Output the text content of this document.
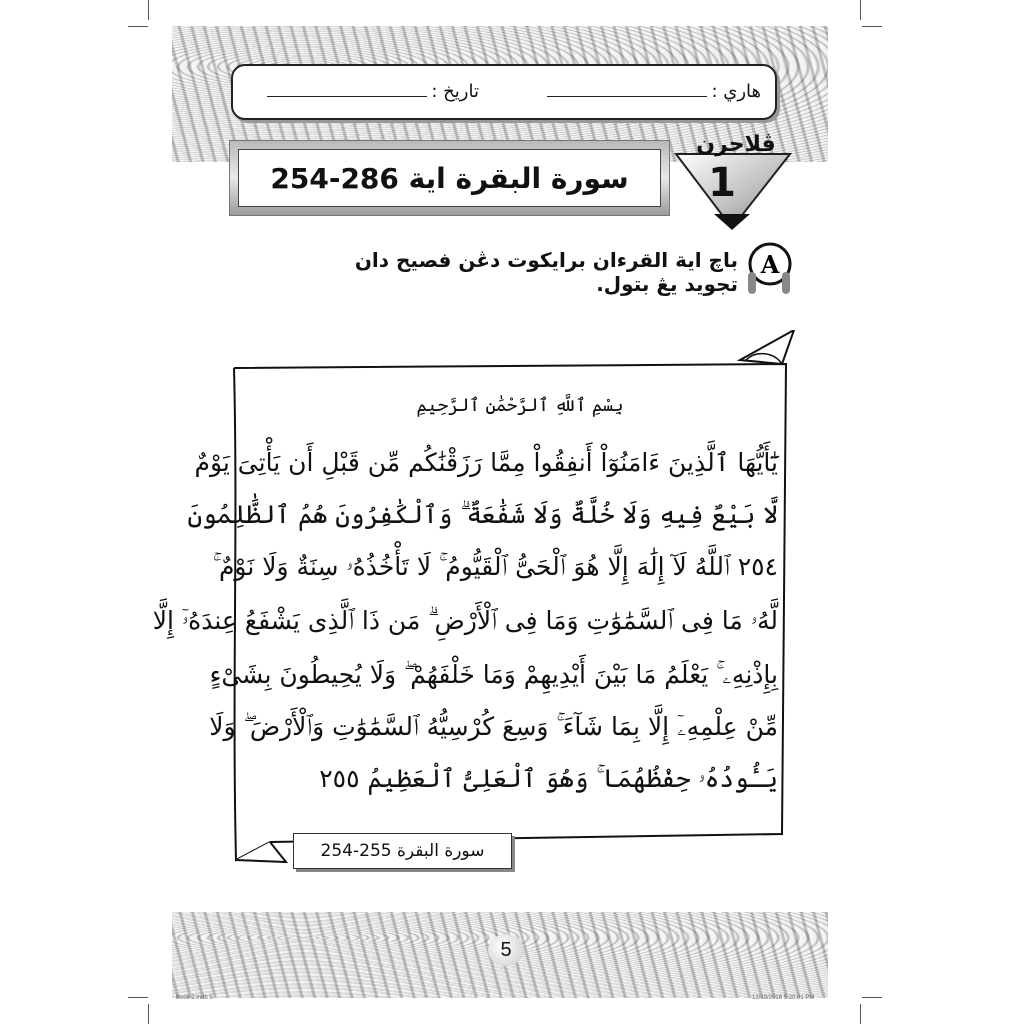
هاري :
تاريخ :
سورة البقرة اية 286-254
ڤلاجرن
1
A
باچ اية القرءان برايكوت دڠن فصيح دان تجويد يڠ بتول.
بِسْمِ ٱللَّهِ ٱلرَّحْمَٰنِ ٱلرَّحِيمِ
يَٰٓأَيُّهَا ٱلَّذِينَ ءَامَنُوٓاْ أَنفِقُواْ مِمَّا رَزَقْنَٰكُم مِّن قَبْلِ أَن يَأْتِىَ يَوْمٌ
لَّا بَيْعٌ فِيهِ وَلَا خُلَّةٌ وَلَا شَفَٰعَةٌ ۗ وَٱلْكَٰفِرُونَ هُمُ ٱلظَّٰلِمُونَ
٢٥٤ ٱللَّهُ لَآ إِلَٰهَ إِلَّا هُوَ ٱلْحَىُّ ٱلْقَيُّومُ ۚ لَا تَأْخُذُهُۥ سِنَةٌ وَلَا نَوْمٌ ۚ
لَّهُۥ مَا فِى ٱلسَّمَٰوَٰتِ وَمَا فِى ٱلْأَرْضِ ۗ مَن ذَا ٱلَّذِى يَشْفَعُ عِندَهُۥٓ إِلَّا
بِإِذْنِهِۦ ۚ يَعْلَمُ مَا بَيْنَ أَيْدِيهِمْ وَمَا خَلْفَهُمْ ۖ وَلَا يُحِيطُونَ بِشَىْءٍ
مِّنْ عِلْمِهِۦٓ إِلَّا بِمَا شَآءَ ۚ وَسِعَ كُرْسِيُّهُ ٱلسَّمَٰوَٰتِ وَٱلْأَرْضَ ۖ وَلَا
يَـُٔودُهُۥ حِفْظُهُمَا ۚ وَهُوَ ٱلْعَلِىُّ ٱلْعَظِيمُ ٢٥٥
سورة البقرة 255-254
5
Book 2.indb 5	12/19/2016 5:20:01 PM
